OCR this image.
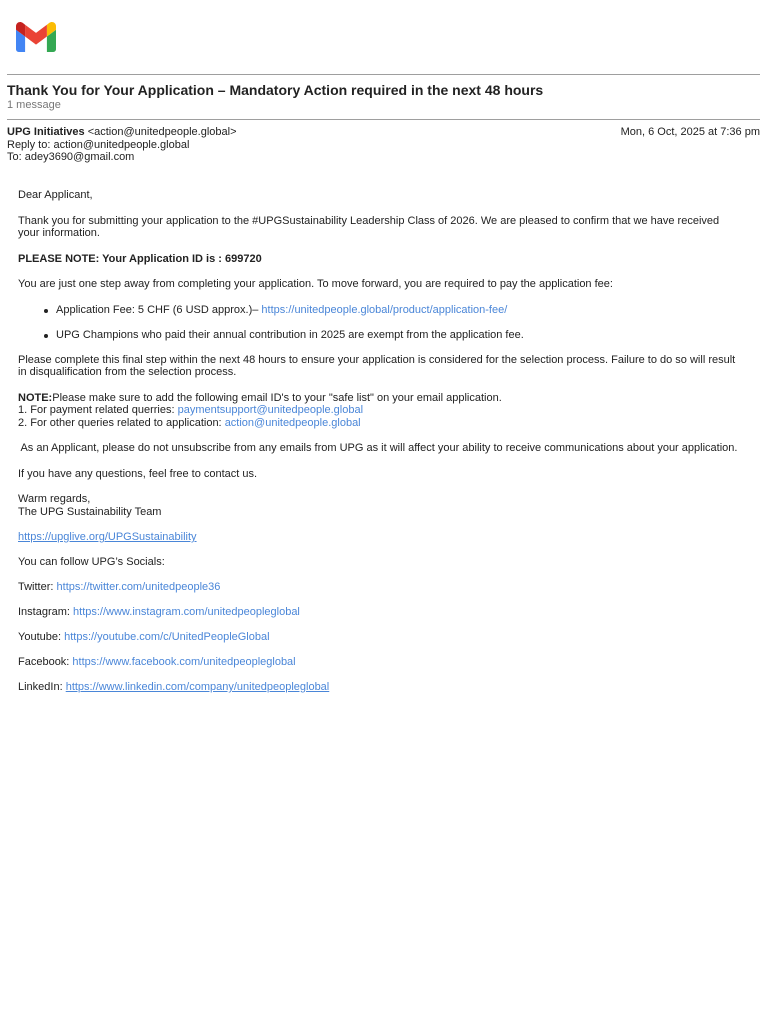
Thank You for Your Application – Mandatory Action required in the next 48 hours
1 message
UPG Initiatives <action@unitedpeople.global>	Mon, 6 Oct, 2025 at 7:36 pm
Reply to: action@unitedpeople.global
To: adey3690@gmail.com

Dear Applicant,

Thank you for submitting your application to the #UPGSustainability Leadership Class of 2026. We are pleased to confirm that we have received your information.

PLEASE NOTE: Your Application ID is : 699720

You are just one step away from completing your application. To move forward, you are required to pay the application fee:

Application Fee: 5 CHF (6 USD approx.)– https://unitedpeople.global/product/application-fee/
UPG Champions who paid their annual contribution in 2025 are exempt from the application fee.

Please complete this final step within the next 48 hours to ensure your application is considered for the selection process. Failure to do so will result in disqualification from the selection process.

NOTE:Please make sure to add the following email ID's to your "safe list" on your email application.
1. For payment related querries: paymentsupport@unitedpeople.global
2. For other queries related to application: action@unitedpeople.global

As an Applicant, please do not unsubscribe from any emails from UPG as it will affect your ability to receive communications about your application.

If you have any questions, feel free to contact us.

Warm regards,
The UPG Sustainability Team

https://upglive.org/UPGSustainability

You can follow UPG’s Socials:

Twitter: https://twitter.com/unitedpeople36

Instagram: https://www.instagram.com/unitedpeopleglobal

Youtube: https://youtube.com/c/UnitedPeopleGlobal

Facebook: https://www.facebook.com/unitedpeopleglobal

LinkedIn: https://www.linkedin.com/company/unitedpeopleglobal
